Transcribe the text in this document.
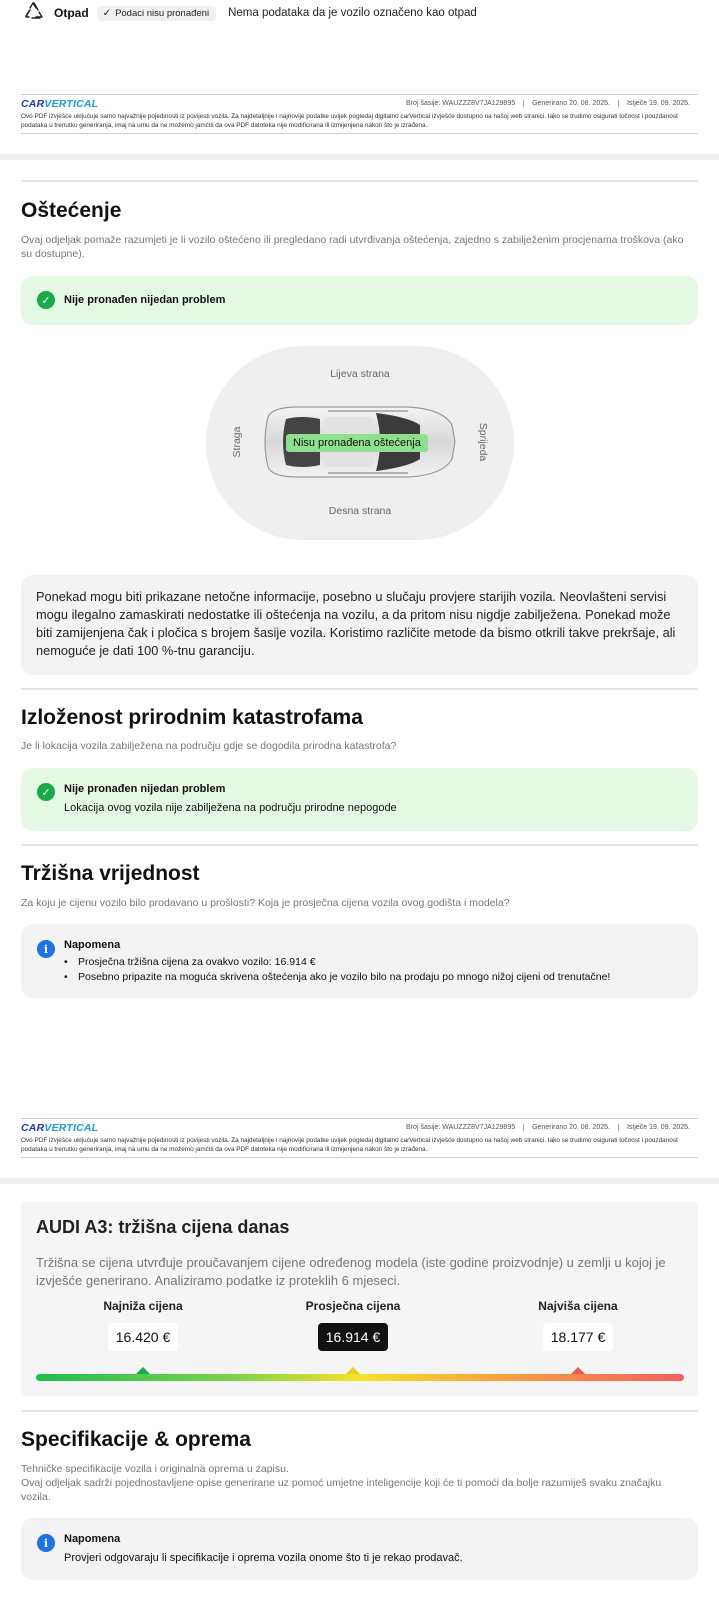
Otpad ✓ Podaci nisu pronađeni Nema podataka da je vozilo označeno kao otpad
CARVERTICAL	Broj šasije: WAUZZZ8V7JA129895	Generirano 20. 08. 2025.	Istječe 19. 09. 2025.
Ovo PDF izvješće uključuje samo najvažnije pojedinosti iz povijesti vozila. Za najdetaljnije i najnovije podatke uvijek pogledaj digitalno carVertical izvješće dostupno na našoj web stranici. Iako se trudimo osigurati točnost i pouzdanost podataka u trenutku generiranja, imaj na umu da ne možemo jamčiti da ova PDF datoteka nije modificirana ili izmijenjena nakon što je izrađena.
Oštećenje
Ovaj odjeljak pomaže razumjeti je li vozilo oštećeno ili pregledano radi utvrđivanja oštećenja, zajedno s zabilježenim procjenama troškova (ako su dostupne).
✓	Nije pronađen nijedan problem
Lijeva strana
Desna strana
Straga	Sprijeda
Nisu pronađena oštećenja
Ponekad mogu biti prikazane netočne informacije, posebno u slučaju provjere starijih vozila. Neovlašteni servisi mogu ilegalno zamaskirati nedostatke ili oštećenja na vozilu, a da pritom nisu nigdje zabilježena. Ponekad može biti zamijenjena čak i pločica s brojem šasije vozila. Koristimo različite metode da bismo otkrili takve prekršaje, ali nemoguće je dati 100 %-tnu garanciju.
Izloženost prirodnim katastrofama
Je li lokacija vozila zabilježena na području gdje se dogodila prirodna katastrofa?
✓	Nije pronađen nijedan problem
Lokacija ovog vozila nije zabilježena na području prirodne nepogode
Tržišna vrijednost
Za koju je cijenu vozilo bilo prodavano u prošlosti? Koja je prosječna cijena vozila ovog godišta i modela?
i	Napomena
• Prosječna tržišna cijena za ovakvo vozilo: 16.914 €
• Posebno pripazite na moguća skrivena oštećenja ako je vozilo bilo na prodaju po mnogo nižoj cijeni od trenutačne!
CARVERTICAL	Broj šasije: WAUZZZ8V7JA129895	Generirano 20. 08. 2025.	Istječe 19. 09. 2025.
Ovo PDF izvješće uključuje samo najvažnije pojedinosti iz povijesti vozila. Za najdetaljnije i najnovije podatke uvijek pogledaj digitalno carVertical izvješće dostupno na našoj web stranici. Iako se trudimo osigurati točnost i pouzdanost podataka u trenutku generiranja, imaj na umu da ne možemo jamčiti da ova PDF datoteka nije modificirana ili izmijenjena nakon što je izrađena.
AUDI A3: tržišna cijena danas
Tržišna se cijena utvrđuje proučavanjem cijene određenog modela (iste godine proizvodnje) u zemlji u kojoj je izvješće generirano. Analiziramo podatke iz proteklih 6 mjeseci.
Najniža cijena
16.420 €
Prosječna cijena
16.914 €
Najviša cijena
18.177 €
Specifikacije & oprema
Tehničke specifikacije vozila i originalna oprema u zapisu.
Ovaj odjeljak sadrži pojednostavljene opise generirane uz pomoć umjetne inteligencije koji će ti pomoći da bolje razumiješ svaku značajku vozila.
i	Napomena
Provjeri odgovaraju li specifikacije i oprema vozila onome što ti je rekao prodavač.
